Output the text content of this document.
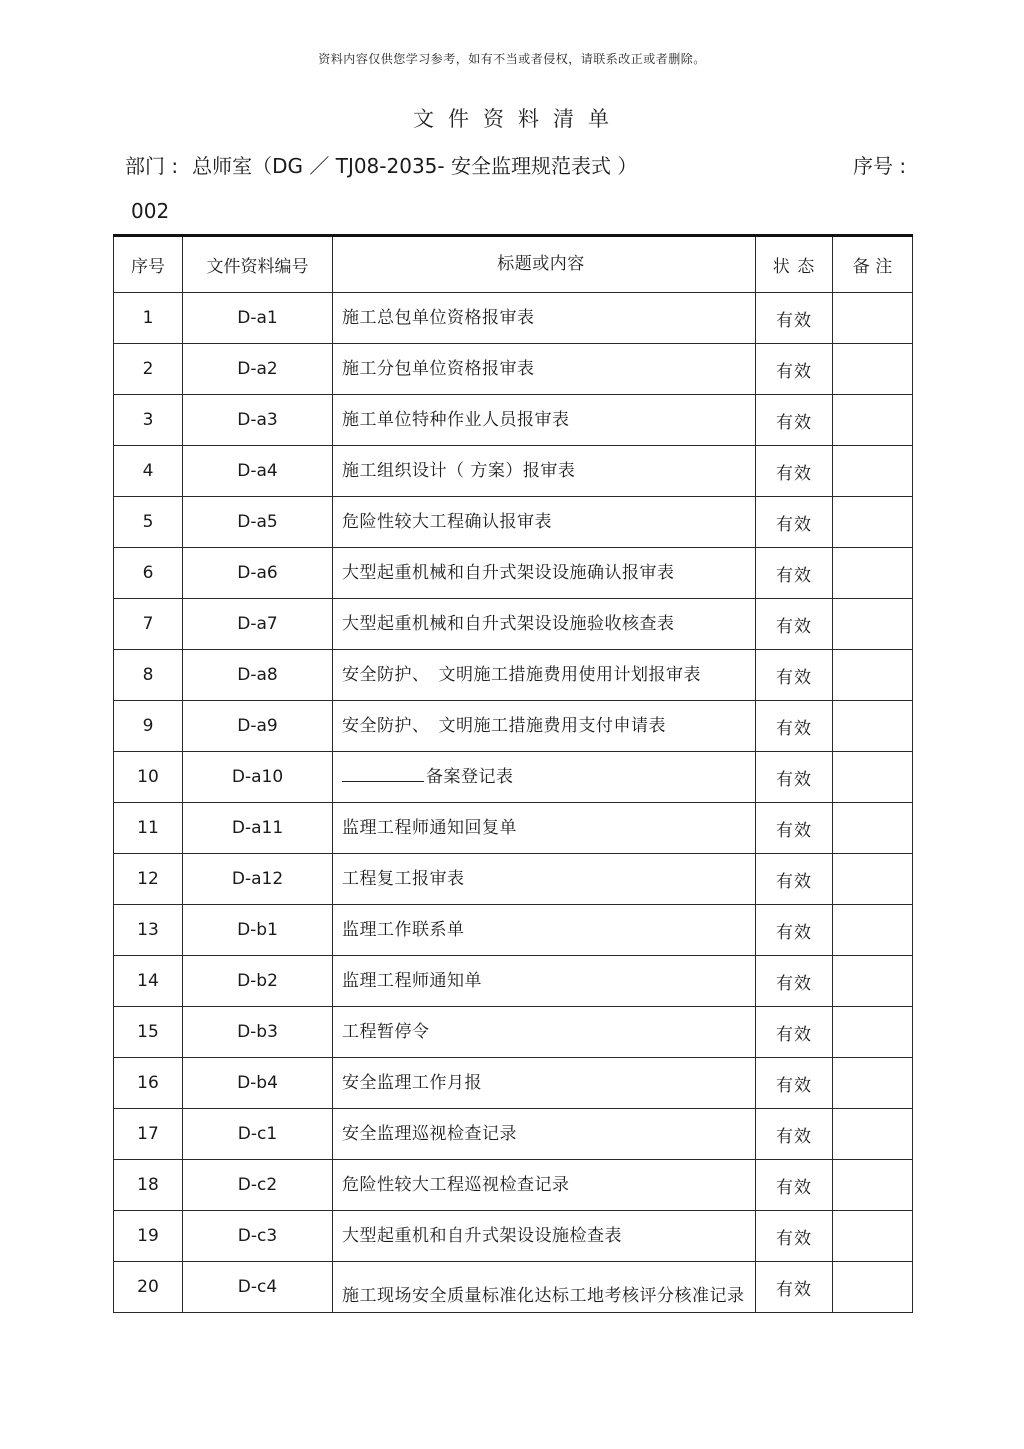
资料内容仅供您学习参考，如有不当或者侵权，请联系改正或者删除。
文件资料清单
部门 : 总师室（DG ／ TJ08-2035- 安全监理规范表式 ）	序号 :
002
序号	文件资料编号	标题或内容	状 态	备 注
1	D-a1	施工总包单位资格报审表	有效	
2	D-a2	施工分包单位资格报审表	有效	
3	D-a3	施工单位特种作业人员报审表	有效	
4	D-a4	施工组织设计（ 方案）报审表	有效	
5	D-a5	危险性较大工程确认报审表	有效	
6	D-a6	大型起重机械和自升式架设设施确认报审表	有效	
7	D-a7	大型起重机械和自升式架设设施验收核查表	有效	
8	D-a8	安全防护、　文明施工措施费用使用计划报审表	有效	
9	D-a9	安全防护、　文明施工措施费用支付申请表	有效	
10	D-a10	备案登记表	有效	
11	D-a11	监理工程师通知回复单	有效	
12	D-a12	工程复工报审表	有效	
13	D-b1	监理工作联系单	有效	
14	D-b2	监理工程师通知单	有效	
15	D-b3	工程暂停令	有效	
16	D-b4	安全监理工作月报	有效	
17	D-c1	安全监理巡视检查记录	有效	
18	D-c2	危险性较大工程巡视检查记录	有效	
19	D-c3	大型起重机和自升式架设设施检查表	有效	
20	D-c4	施工现场安全质量标准化达标工地考核评分核准记录	有效	
